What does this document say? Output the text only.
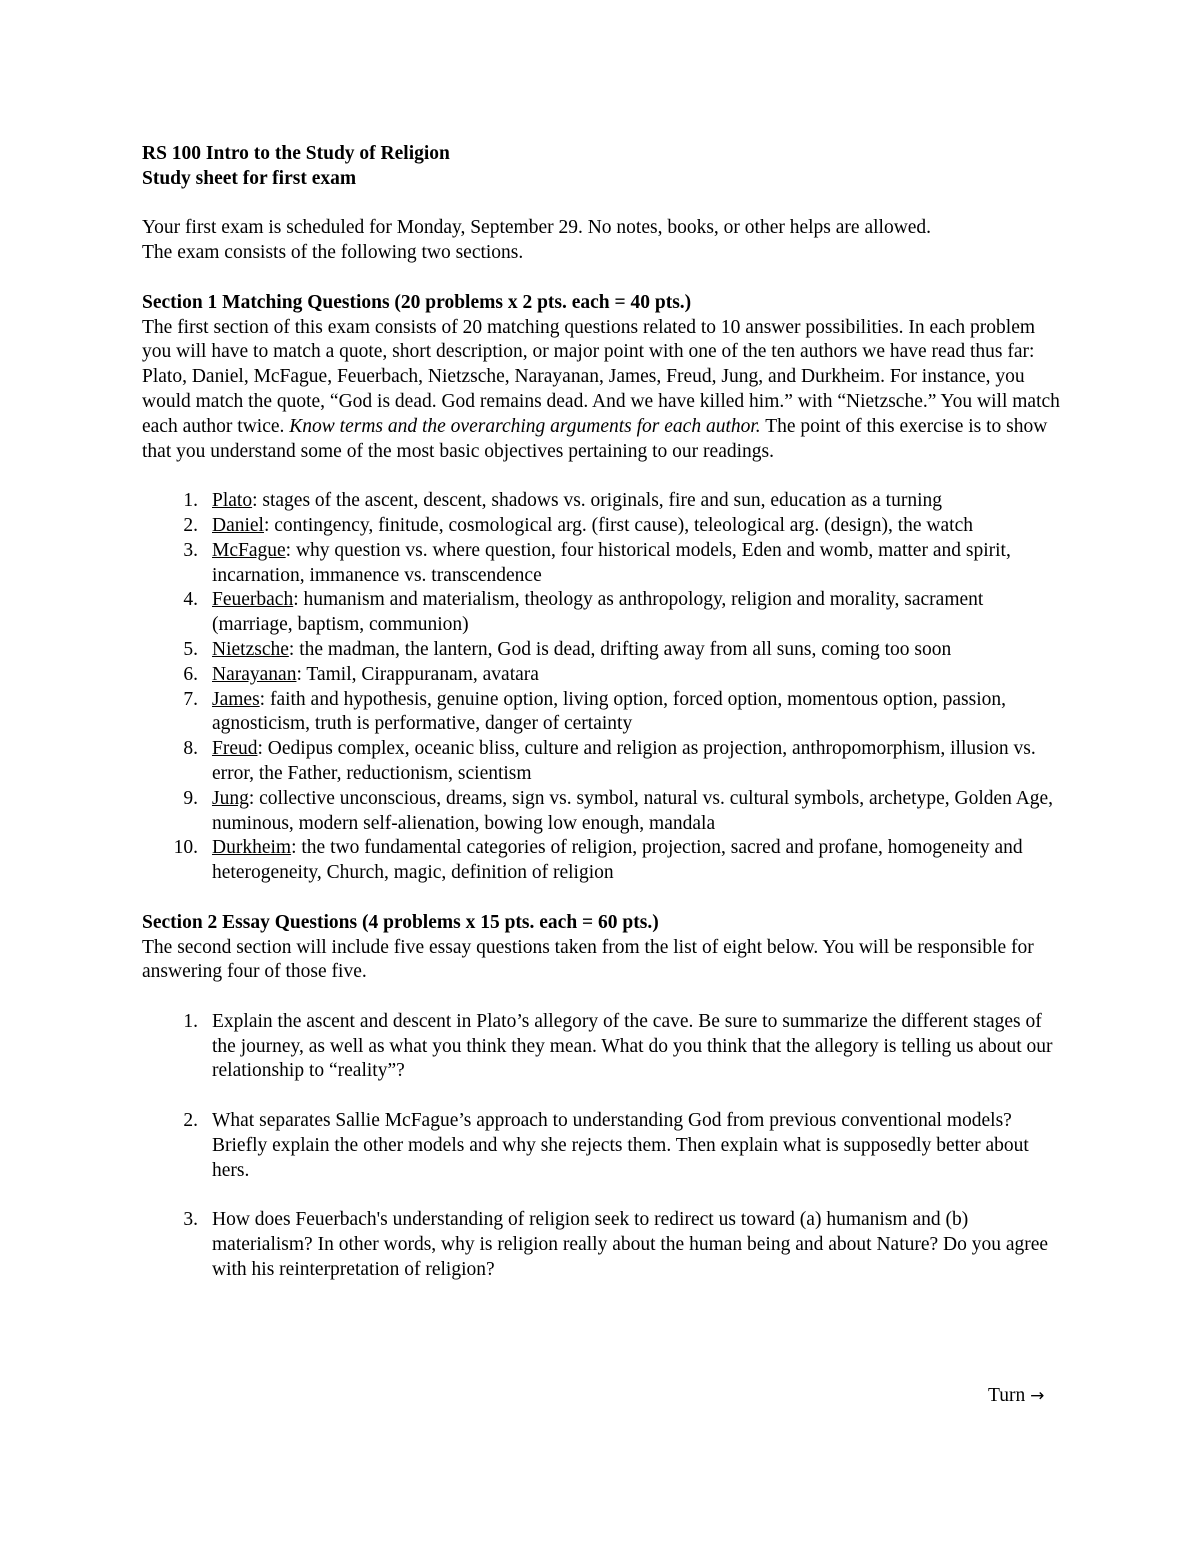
RS 100 Intro to the Study of Religion

Study sheet for first exam

Your first exam is scheduled for Monday, September 29. No notes, books, or other helps are allowed.

The exam consists of the following two sections.

Section 1 Matching Questions (20 problems x 2 pts. each = 40 pts.)

The first section of this exam consists of 20 matching questions related to 10 answer possibilities. In each problem you will have to match a quote, short description, or major point with one of the ten authors we have read thus far: Plato, Daniel, McFague, Feuerbach, Nietzsche, Narayanan, James, Freud, Jung, and Durkheim. For instance, you would match the quote, “God is dead. God remains dead. And we have killed him.” with “Nietzsche.” You will match each author twice. Know terms and the overarching arguments for each author. The point of this exercise is to show that you understand some of the most basic objectives pertaining to our readings.

1. Plato: stages of the ascent, descent, shadows vs. originals, fire and sun, education as a turning
2. Daniel: contingency, finitude, cosmological arg. (first cause), teleological arg. (design), the watch
3. McFague: why question vs. where question, four historical models, Eden and womb, matter and spirit, incarnation, immanence vs. transcendence
4. Feuerbach: humanism and materialism, theology as anthropology, religion and morality, sacrament (marriage, baptism, communion)
5. Nietzsche: the madman, the lantern, God is dead, drifting away from all suns, coming too soon
6. Narayanan: Tamil, Cirappuranam, avatara
7. James: faith and hypothesis, genuine option, living option, forced option, momentous option, passion, agnosticism, truth is performative, danger of certainty
8. Freud: Oedipus complex, oceanic bliss, culture and religion as projection, anthropomorphism, illusion vs. error, the Father, reductionism, scientism
9. Jung: collective unconscious, dreams, sign vs. symbol, natural vs. cultural symbols, archetype, Golden Age, numinous, modern self-alienation, bowing low enough, mandala
10. Durkheim: the two fundamental categories of religion, projection, sacred and profane, homogeneity and heterogeneity, Church, magic, definition of religion

Section 2 Essay Questions (4 problems x 15 pts. each = 60 pts.)

The second section will include five essay questions taken from the list of eight below. You will be responsible for answering four of those five.

1. Explain the ascent and descent in Plato’s allegory of the cave. Be sure to summarize the different stages of the journey, as well as what you think they mean. What do you think that the allegory is telling us about our relationship to “reality”?
2. What separates Sallie McFague’s approach to understanding God from previous conventional models? Briefly explain the other models and why she rejects them. Then explain what is supposedly better about hers.
3. How does Feuerbach's understanding of religion seek to redirect us toward (a) humanism and (b) materialism? In other words, why is religion really about the human being and about Nature? Do you agree with his reinterpretation of religion?
Turn →
